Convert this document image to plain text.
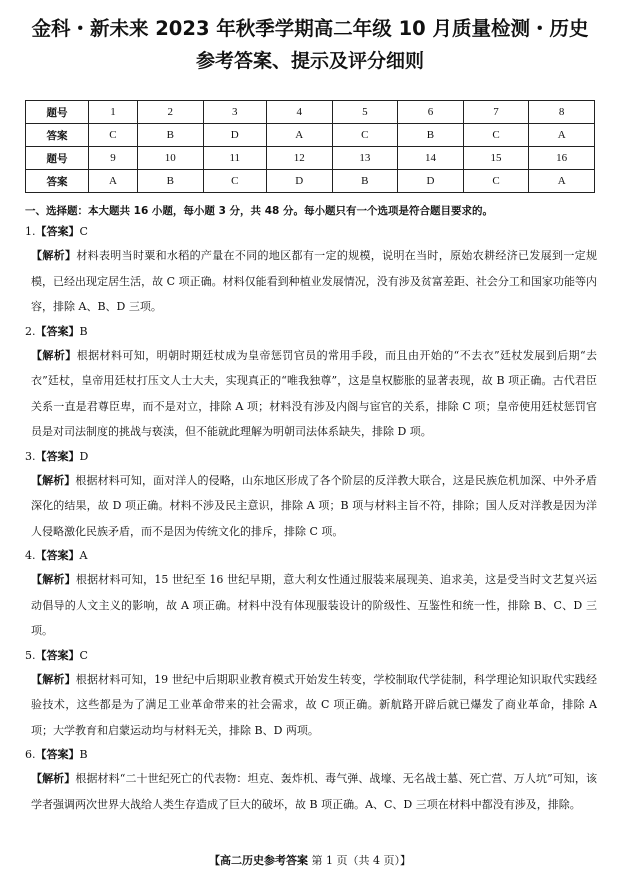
金科・新未来 2023 年秋季学期高二年级 10 月质量检测・历史
参考答案、提示及评分细则
题号	1	2	3	4	5	6	7	8
答案	C	B	D	A	C	B	C	A
题号	9	10	11	12	13	14	15	16
答案	A	B	C	D	B	D	C	A
一、选择题：本大题共 16 小题，每小题 3 分，共 48 分。每小题只有一个选项是符合题目要求的。
1.【答案】C
【解析】材料表明当时粟和水稻的产量在不同的地区都有一定的规模，说明在当时，原始农耕经济已发展到一定规模，已经出现定居生活，故 C 项正确。材料仅能看到种植业发展情况，没有涉及贫富差距、社会分工和国家功能等内容，排除 A、B、D 三项。
2.【答案】B
【解析】根据材料可知，明朝时期廷杖成为皇帝惩罚官员的常用手段，而且由开始的“不去衣”廷杖发展到后期“去衣”廷杖，皇帝用廷杖打压文人士大夫，实现真正的“唯我独尊”，这是皇权膨胀的显著表现，故 B 项正确。古代君臣关系一直是君尊臣卑，而不是对立，排除 A 项；材料没有涉及内阁与宦官的关系，排除 C 项；皇帝使用廷杖惩罚官员是对司法制度的挑战与亵渎，但不能就此理解为明朝司法体系缺失，排除 D 项。
3.【答案】D
【解析】根据材料可知，面对洋人的侵略，山东地区形成了各个阶层的反洋教大联合，这是民族危机加深、中外矛盾深化的结果，故 D 项正确。材料不涉及民主意识，排除 A 项；B 项与材料主旨不符，排除；国人反对洋教是因为洋人侵略激化民族矛盾，而不是因为传统文化的排斥，排除 C 项。
4.【答案】A
【解析】根据材料可知，15 世纪至 16 世纪早期，意大利女性通过服装来展现美、追求美，这是受当时文艺复兴运动倡导的人文主义的影响，故 A 项正确。材料中没有体现服装设计的阶级性、互鉴性和统一性，排除 B、C、D 三项。
5.【答案】C
【解析】根据材料可知，19 世纪中后期职业教育模式开始发生转变，学校制取代学徒制，科学理论知识取代实践经验技术，这些都是为了满足工业革命带来的社会需求，故 C 项正确。新航路开辟后就已爆发了商业革命，排除 A 项；大学教育和启蒙运动均与材料无关，排除 B、D 两项。
6.【答案】B
【解析】根据材料“二十世纪死亡的代表物：坦克、轰炸机、毒气弹、战壕、无名战士墓、死亡营、万人坑”可知，该学者强调两次世界大战给人类生存造成了巨大的破坏，故 B 项正确。A、C、D 三项在材料中都没有涉及，排除。
【高二历史参考答案 第 1 页（共 4 页）】
